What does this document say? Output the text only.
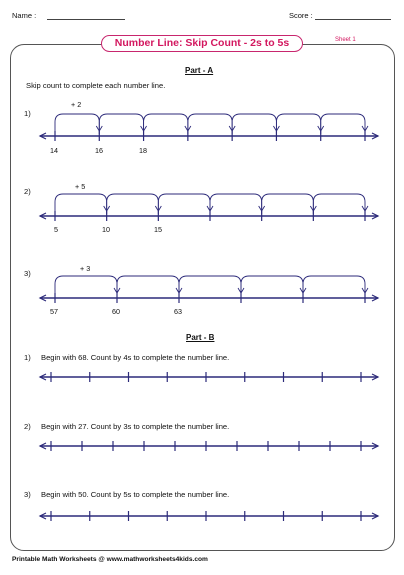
Name :	Score :
Number Line: Skip Count - 2s to 5s	Sheet 1
Part - A
Skip count to complete each number line.
1)
+ 2
14	16	18
2)
+ 5
5	10	15
3)
+ 3
57	60	63
Part - B
1) Begin with 68. Count by 4s to complete the number line.
2) Begin with 27. Count by 3s to complete the number line.
3) Begin with 50. Count by 5s to complete the number line.
Printable Math Worksheets @ www.mathworksheets4kids.com
